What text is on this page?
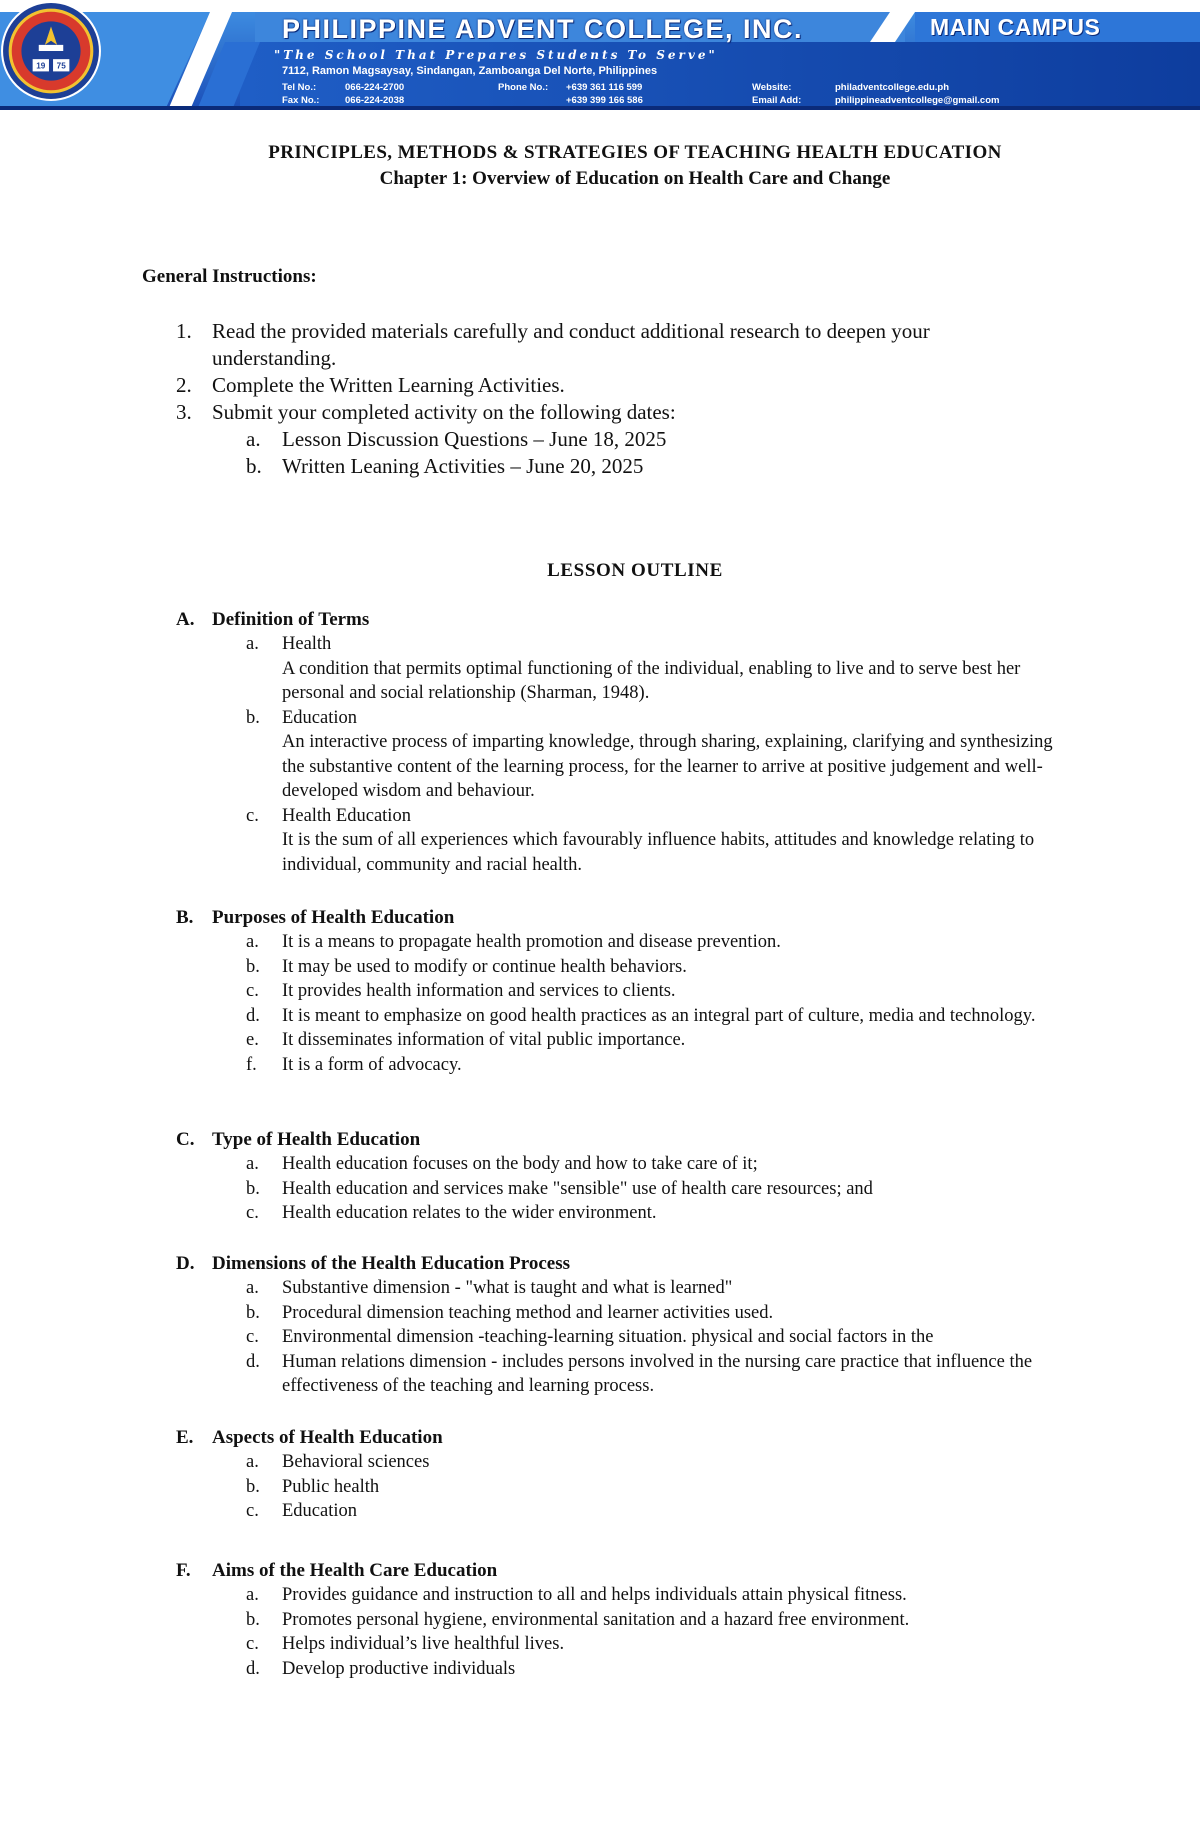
19 75
PHILIPPINE ADVENT COLLEGE, INC.	MAIN CAMPUS
"The School That Prepares Students To Serve"
7112, Ramon Magsaysay, Sindangan, Zamboanga Del Norte, Philippines
Tel No.:	066-224-2700
Fax No.:	066-224-2038
Phone No.: +639 361 116 599
+639 399 166 586
Website:	philadventcollege.edu.ph
Email Add:	philippineadventcollege@gmail.com
PRINCIPLES, METHODS & STRATEGIES OF TEACHING HEALTH EDUCATION
Chapter 1: Overview of Education on Health Care and Change
General Instructions:
1. Read the provided materials carefully and conduct additional research to deepen your understanding.
2. Complete the Written Learning Activities.
3. Submit your completed activity on the following dates:
a. Lesson Discussion Questions – June 18, 2025
b. Written Leaning Activities – June 20, 2025
LESSON OUTLINE
A. Definition of Terms
a. Health
A condition that permits optimal functioning of the individual, enabling to live and to serve best her personal and social relationship (Sharman, 1948).
b. Education
An interactive process of imparting knowledge, through sharing, explaining, clarifying and synthesizing the substantive content of the learning process, for the learner to arrive at positive judgement and well-developed wisdom and behaviour.
c. Health Education
It is the sum of all experiences which favourably influence habits, attitudes and knowledge relating to individual, community and racial health.
B. Purposes of Health Education
a. It is a means to propagate health promotion and disease prevention.
b. It may be used to modify or continue health behaviors.
c. It provides health information and services to clients.
d. It is meant to emphasize on good health practices as an integral part of culture, media and technology.
e. It disseminates information of vital public importance.
f. It is a form of advocacy.
C. Type of Health Education
a. Health education focuses on the body and how to take care of it;
b. Health education and services make "sensible" use of health care resources; and
c. Health education relates to the wider environment.
D. Dimensions of the Health Education Process
a. Substantive dimension - "what is taught and what is learned"
b. Procedural dimension teaching method and learner activities used.
c. Environmental dimension -teaching-learning situation. physical and social factors in the
d. Human relations dimension - includes persons involved in the nursing care practice that influence the effectiveness of the teaching and learning process.
E. Aspects of Health Education
a. Behavioral sciences
b. Public health
c. Education
F. Aims of the Health Care Education
a. Provides guidance and instruction to all and helps individuals attain physical fitness.
b. Promotes personal hygiene, environmental sanitation and a hazard free environment.
c. Helps individual’s live healthful lives.
d. Develop productive individuals
